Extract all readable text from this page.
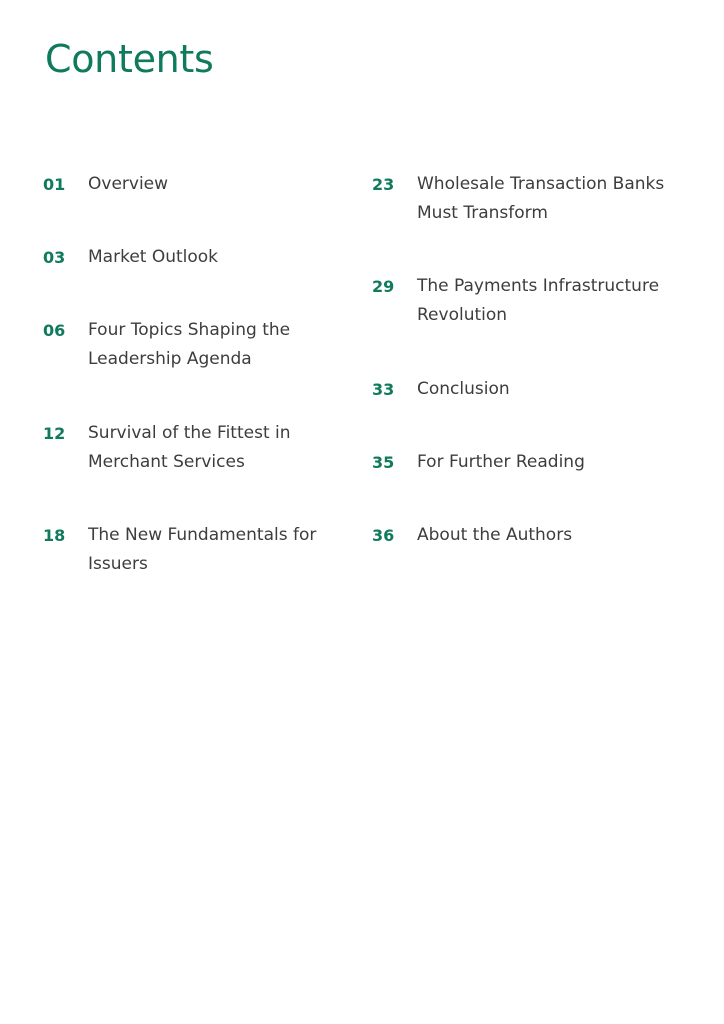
Contents
01	Overview
03	Market Outlook
06	Four Topics Shaping the Leadership Agenda
12	Survival of the Fittest in Merchant Services
18	The New Fundamentals for Issuers
23	Wholesale Transaction Banks Must Transform
29	The Payments Infrastructure Revolution
33	Conclusion
35	For Further Reading
36	About the Authors
